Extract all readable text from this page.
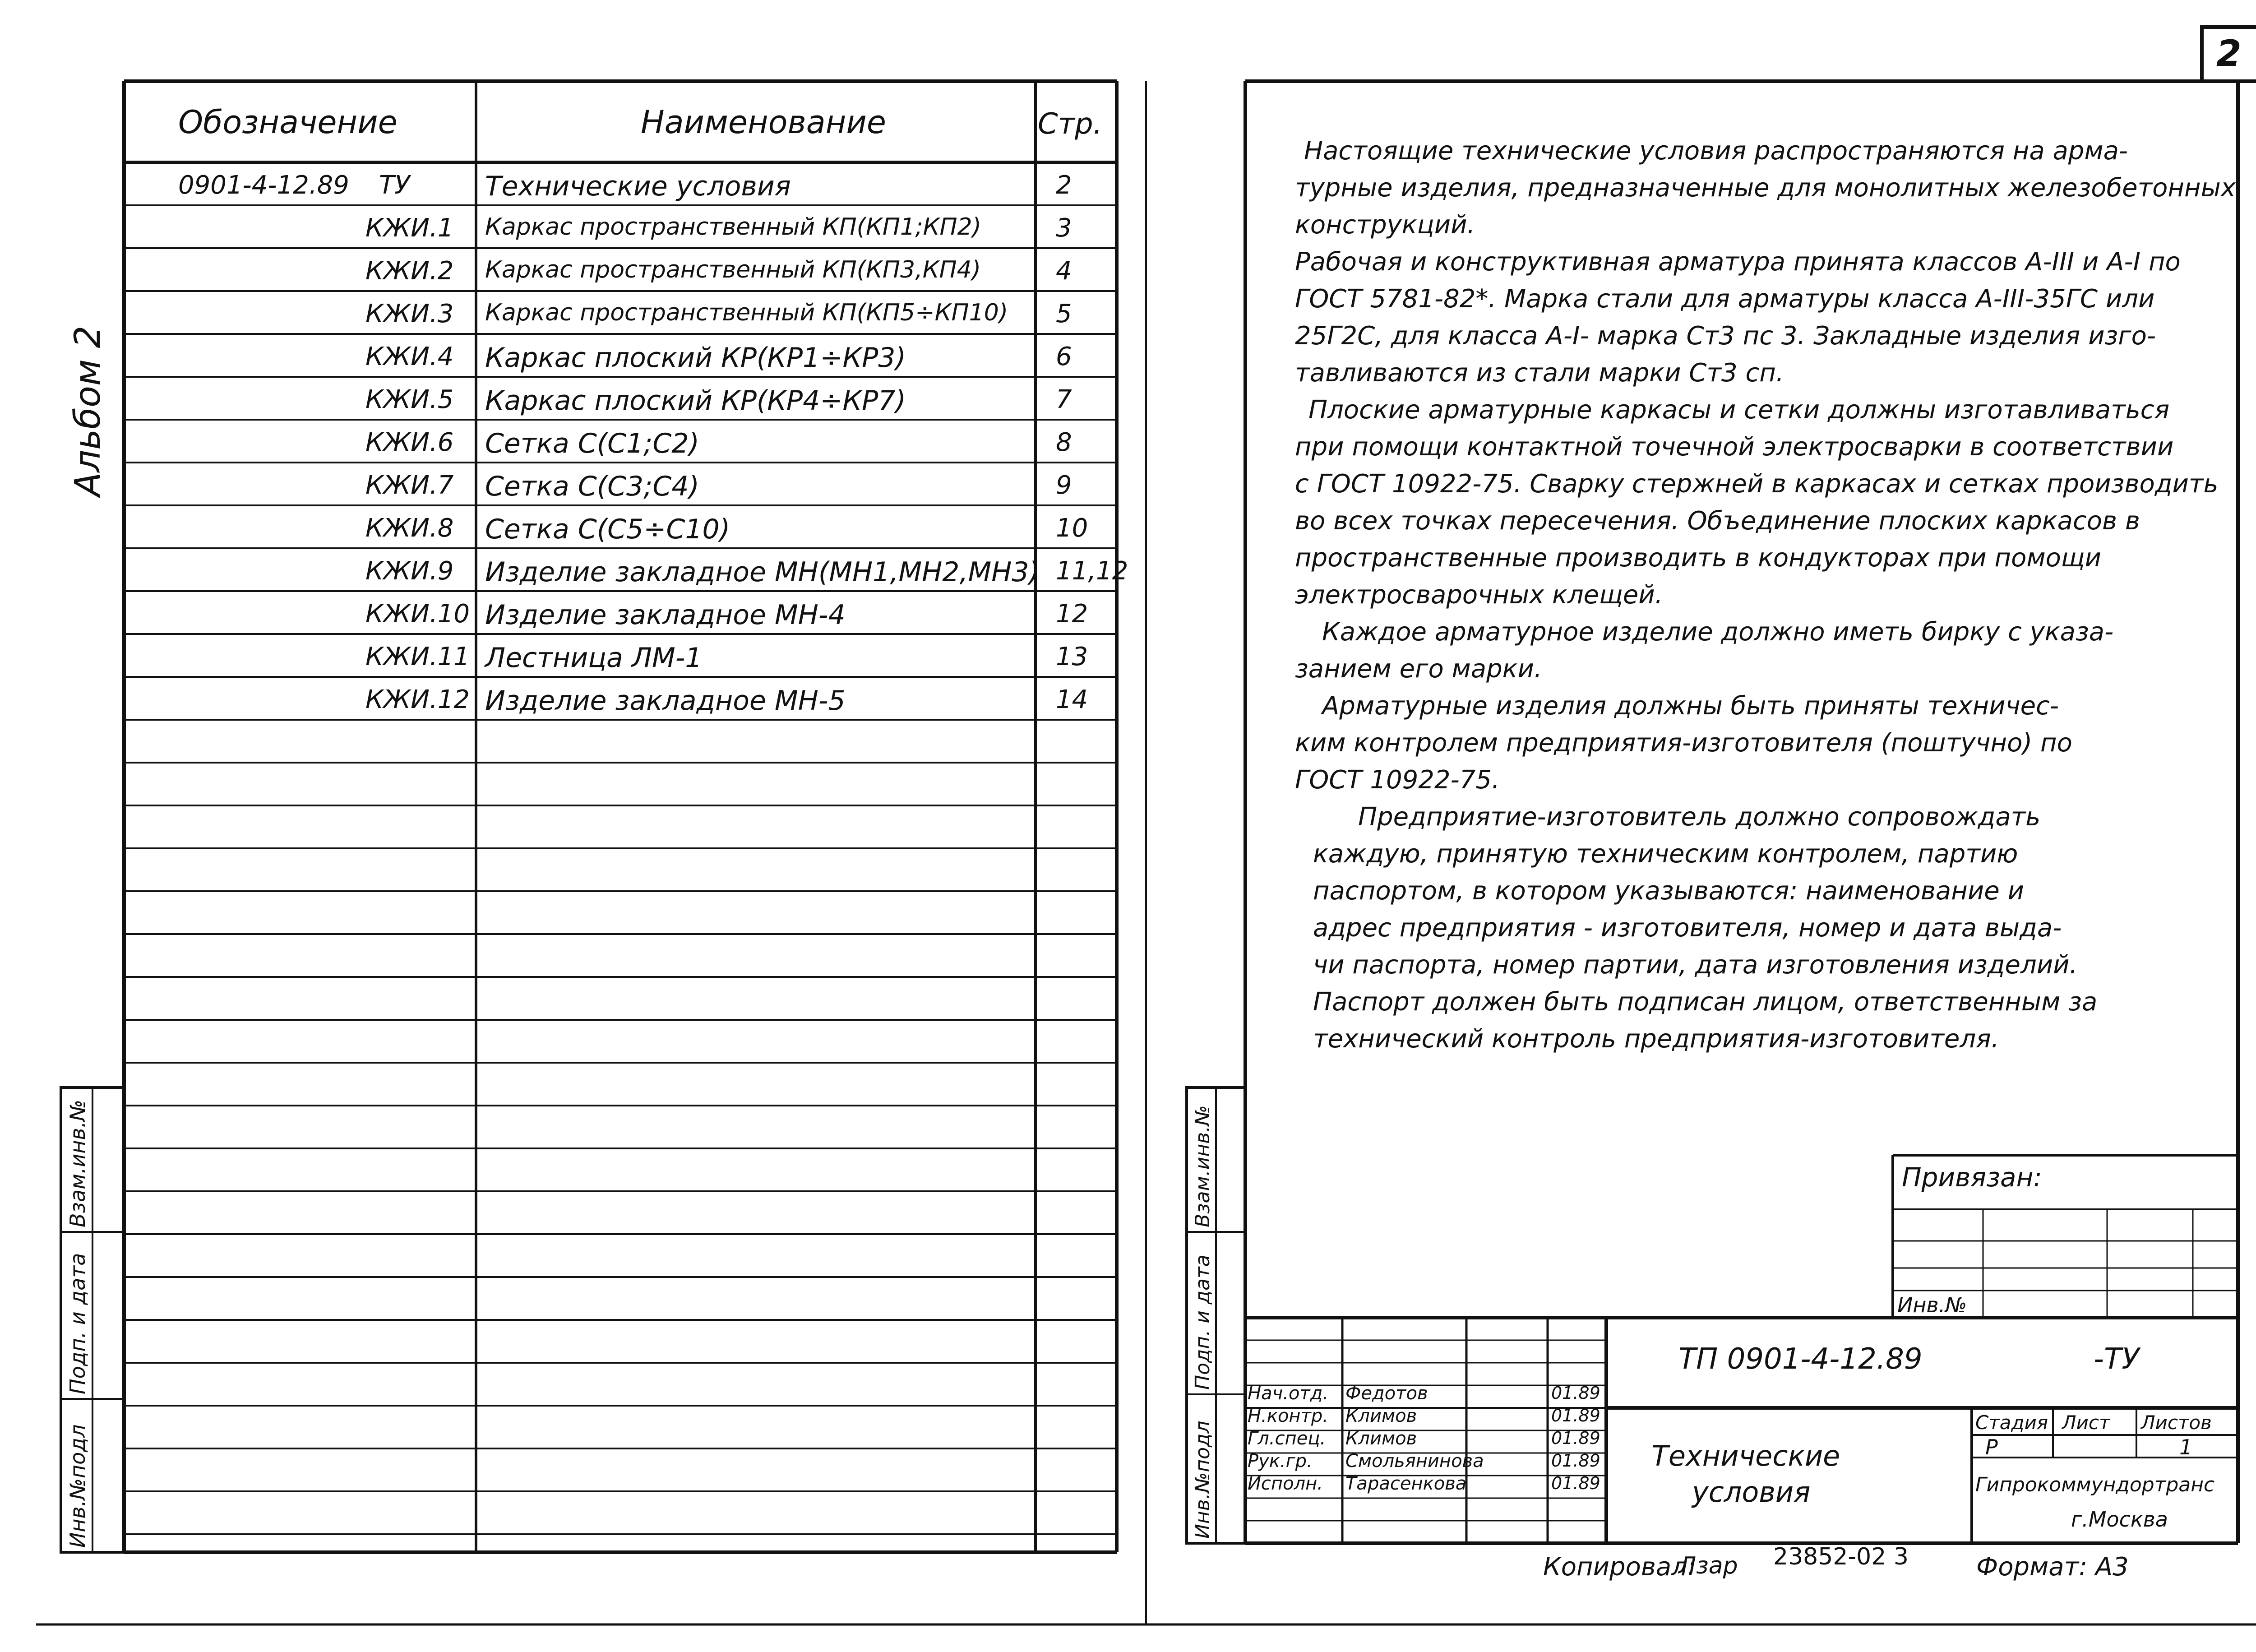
2
Альбом 2
Обозначение	Наименование	Стр.
0901-4-12.89 ТУ	Технические условия	2
КЖИ.1 Каркас пространственный КП(КП1;КП2)	3
КЖИ.2 Каркас пространственный КП(КП3,КП4)	4
КЖИ.3 Каркас пространственный КП(КП5÷КП10) 5
КЖИ.4 Каркас плоский КР(КР1÷КР3)	6
КЖИ.5 Каркас плоский КР(КР4÷КР7)	7
КЖИ.6 Сетка С(С1;С2)	8
КЖИ.7 Сетка С(С3;С4)	9
КЖИ.8 Сетка С(С5÷С10)	10
КЖИ.9 Изделие закладное МН(МН1,МН2,МН3) 11,12
КЖИ.10 Изделие закладное МН-4	12
КЖИ.11 Лестница ЛМ-1	13
КЖИ.12 Изделие закладное МН-5	14
Инв.№подл
Подп. и дата
Взам.инв.№
Инв.№подл
Подп. и дата
Взам.инв.№
Настоящие технические условия распространяются на арма-
турные изделия, предназначенные для монолитных железобетонных
конструкций.
Рабочая и конструктивная арматура принята классов А-III и А-I по
ГОСТ 5781-82*. Марка стали для арматуры класса А-III-35ГС или
25Г2С, для класса А-I- марка Ст3 пс 3. Закладные изделия изго-
тавливаются из стали марки Ст3 сп.
Плоские арматурные каркасы и сетки должны изготавливаться
при помощи контактной точечной электросварки в соответствии
с ГОСТ 10922-75. Сварку стержней в каркасах и сетках производить
во всех точках пересечения. Объединение плоских каркасов в
пространственные производить в кондукторах при помощи
электросварочных клещей.
Каждое арматурное изделие должно иметь бирку с указа-
занием его марки.
Арматурные изделия должны быть приняты техничес-
ким контролем предприятия-изготовителя (поштучно) по
ГОСТ 10922-75.
Предприятие-изготовитель должно сопровождать
каждую, принятую техническим контролем, партию
паспортом, в котором указываются: наименование и
адрес предприятия - изготовителя, номер и дата выда-
чи паспорта, номер партии, дата изготовления изделий.
Паспорт должен быть подписан лицом, ответственным за
технический контроль предприятия-изготовителя.
Привязан:
Инв.№
ТП 0901-4-12.89	-ТУ
Технические
условия
Стадия Лист Листов
Р	1
Гипрокоммундортранс
г.Москва
Нач.отд. Федотов	01.89
Н.контр. Климов	01.89
Гл.спец. Климов	01.89
Рук.гр. Смольянинова	01.89
Исполн. Тарасенкова	01.89
Копировал:
Лзар 23852-02 3	Формат: А3
